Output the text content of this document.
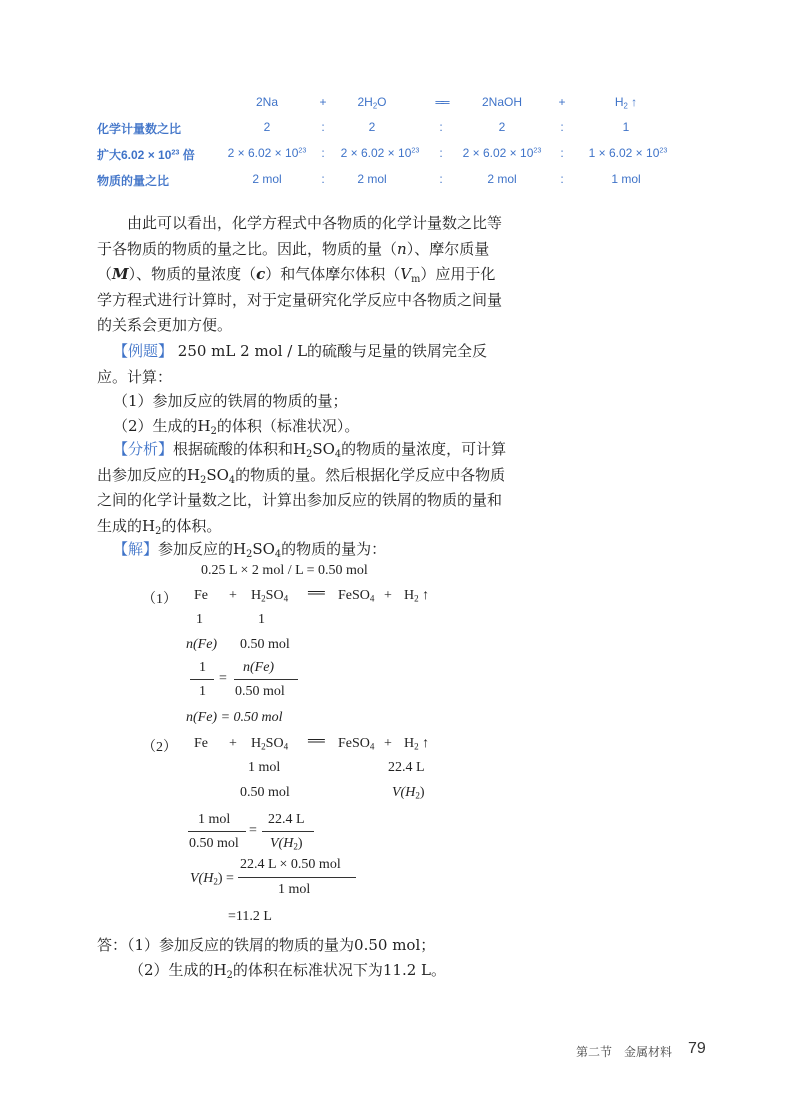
2Na	+	$2H_2O$	══	2NaOH	+	$H_2$ ↑
化学计量数之比	2	:	2	:	2	:	1
扩大$6.02 \times 10^{23}$ 倍	$2 \times 6.02 \times 10^{23}$ : $2 \times 6.02 \times 10^{23}$ : $2 \times 6.02 \times 10^{23}$ : $1 \times 6.02 \times 10^{23}$
物质的量之比	2 mol	:	2 mol	:	2 mol	:	1 mol
由此可以看出，化学方程式中各物质的化学计量数之比等于各物质的物质的量之比。因此，物质的量（n）、摩尔质量（M）、物质的量浓度（c）和气体摩尔体积$(V_m)$应用于化学方程式进行计算时，对于定量研究化学反应中各物质之间量的关系会更加方便。
【例题】 250 mL 2 mol / L的硫酸与足量的铁屑完全反应。计算：
（1）参加反应的铁屑的物质的量；
（2）生成的$H_2$的体积（标准状况）。
【分析】根据硫酸的体积和$H_2SO_4$的物质的量浓度，可计算出参加反应的$H_2SO_4$的物质的量。然后根据化学反应中各物质之间的化学计量数之比，计算出参加反应的铁屑的物质的量和生成的$H_2$的体积。
【解】参加反应的$H_2SO_4$的物质的量为：
0.25 L × 2 mol / L = 0.50 mol
（1） $Fe + H_2SO_4$ ══ FeSO$_4$ + $H_2$ ↑
1	1
n(Fe) 0.50 mol
1
1
=
n(Fe)
0.50 mol
n(Fe) = 0.50 mol
（2） $Fe + H_2SO_4$ ══ FeSO$_4$ + $H_2$ ↑
1 mol	22.4 L
0.50 mol	$V(H_2)$
1 mol
0.50 mol
=
22.4 L
$V(H_2)$
$V(H_2)$ =
22.4 L × 0.50 mol
1 mol
=11.2 L
答：（1）参加反应的铁屑的物质的量为0.50 mol；
（2）生成的$H_2$的体积在标准状况下为11.2 L。
第二节　金属材料 79
